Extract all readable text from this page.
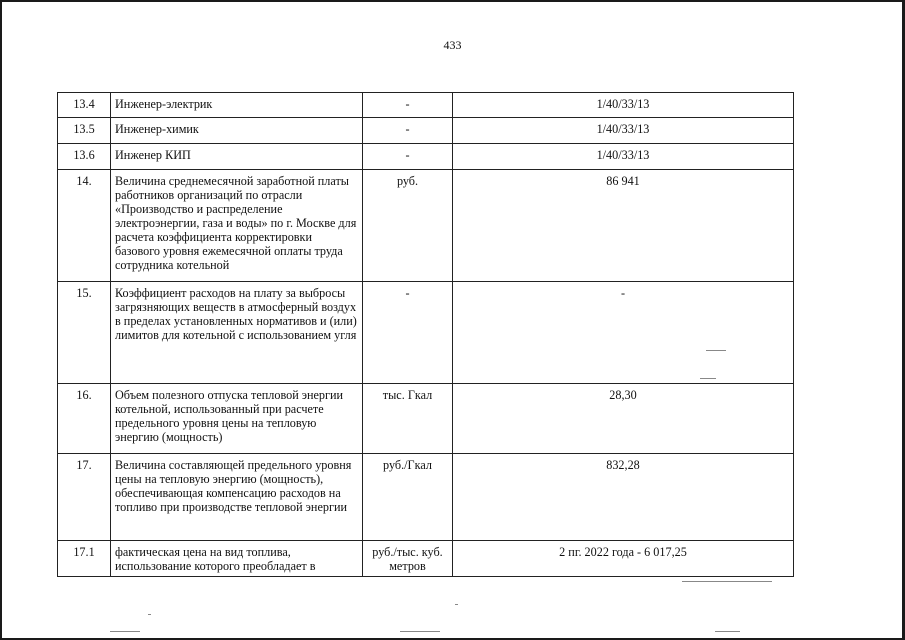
433
13.4	Инженер-электрик	-	1/40/33/13
13.5	Инженер-химик	-	1/40/33/13
13.6	Инженер КИП	-	1/40/33/13
14.	Величина среднемесячной заработной платы работников организаций по отрасли «Производство и распределение электроэнергии, газа и воды» по г. Москве для расчета коэффициента корректировки базового уровня ежемесячной оплаты труда сотрудника котельной	руб.	86 941
15.	Коэффициент расходов на плату за выбросы загрязняющих веществ в атмосферный воздух в пределах установленных нормативов и (или) лимитов для котельной с использованием угля	-	-
16.	Объем полезного отпуска тепловой энергии котельной, использованный при расчете предельного уровня цены на тепловую энергию (мощность)	тыс. Гкал	28,30
17.	Величина составляющей предельного уровня цены на тепловую энергию (мощность), обеспечивающая компенсацию расходов на топливо при производстве тепловой энергии	руб./Гкал	832,28
17.1	фактическая цена на вид топлива, использование которого преобладает в	руб./тыс. куб. метров	2 пг. 2022 года - 6 017,25
